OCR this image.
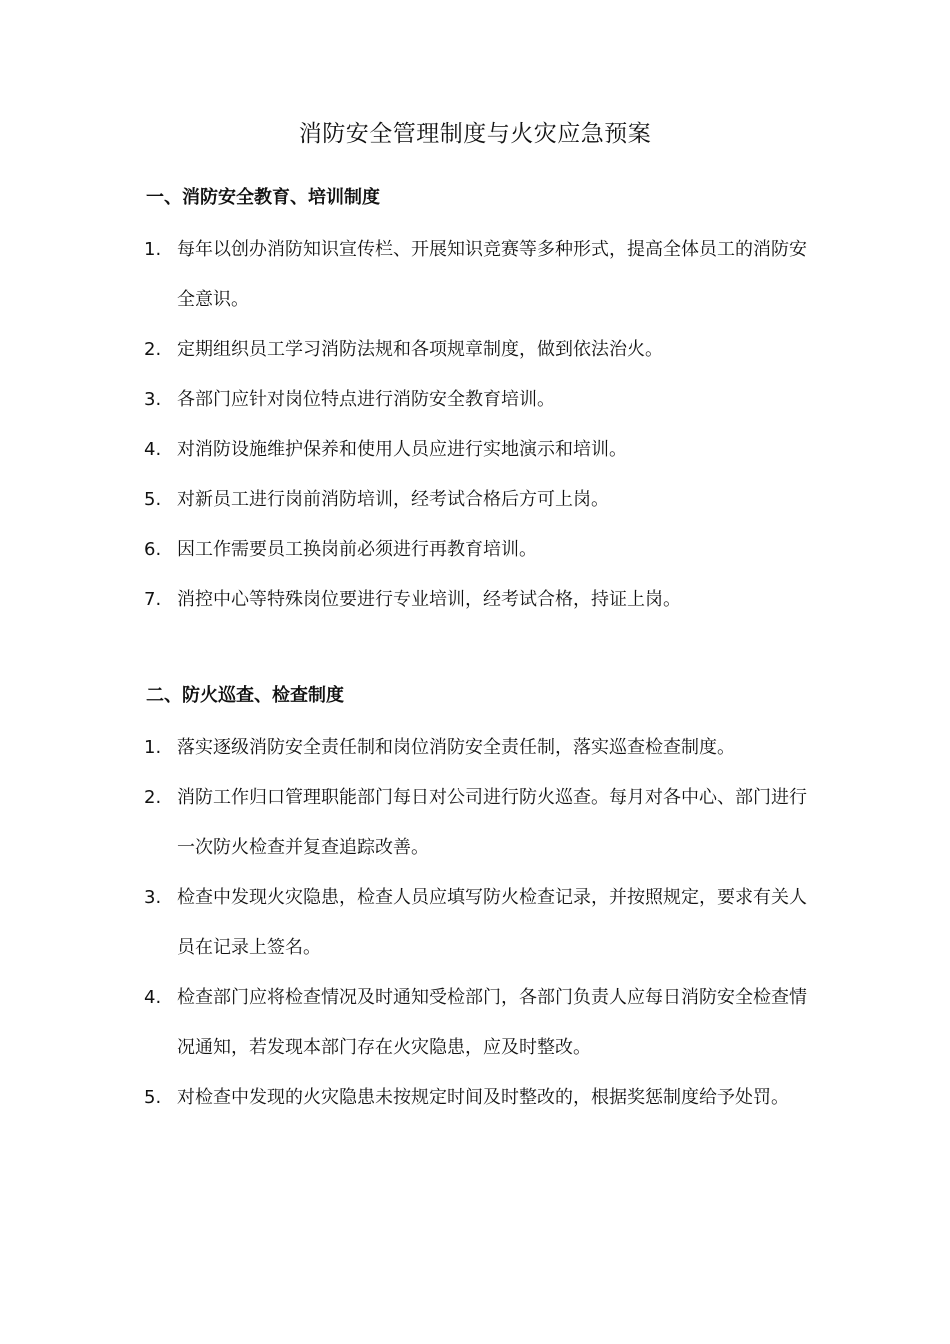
消防安全管理制度与火灾应急预案
一、消防安全教育、培训制度
1. 每年以创办消防知识宣传栏、开展知识竞赛等多种形式，提高全体员工的消防安全意识。
2. 定期组织员工学习消防法规和各项规章制度，做到依法治火。
3. 各部门应针对岗位特点进行消防安全教育培训。
4. 对消防设施维护保养和使用人员应进行实地演示和培训。
5. 对新员工进行岗前消防培训，经考试合格后方可上岗。
6. 因工作需要员工换岗前必须进行再教育培训。
7. 消控中心等特殊岗位要进行专业培训，经考试合格，持证上岗。
二、防火巡查、检查制度
1. 落实逐级消防安全责任制和岗位消防安全责任制，落实巡查检查制度。
2. 消防工作归口管理职能部门每日对公司进行防火巡查。每月对各中心、部门进行一次防火检查并复查追踪改善。
3. 检查中发现火灾隐患，检查人员应填写防火检查记录，并按照规定，要求有关人员在记录上签名。
4. 检查部门应将检查情况及时通知受检部门，各部门负责人应每日消防安全检查情况通知，若发现本部门存在火灾隐患，应及时整改。
5. 对检查中发现的火灾隐患未按规定时间及时整改的，根据奖惩制度给予处罚。
